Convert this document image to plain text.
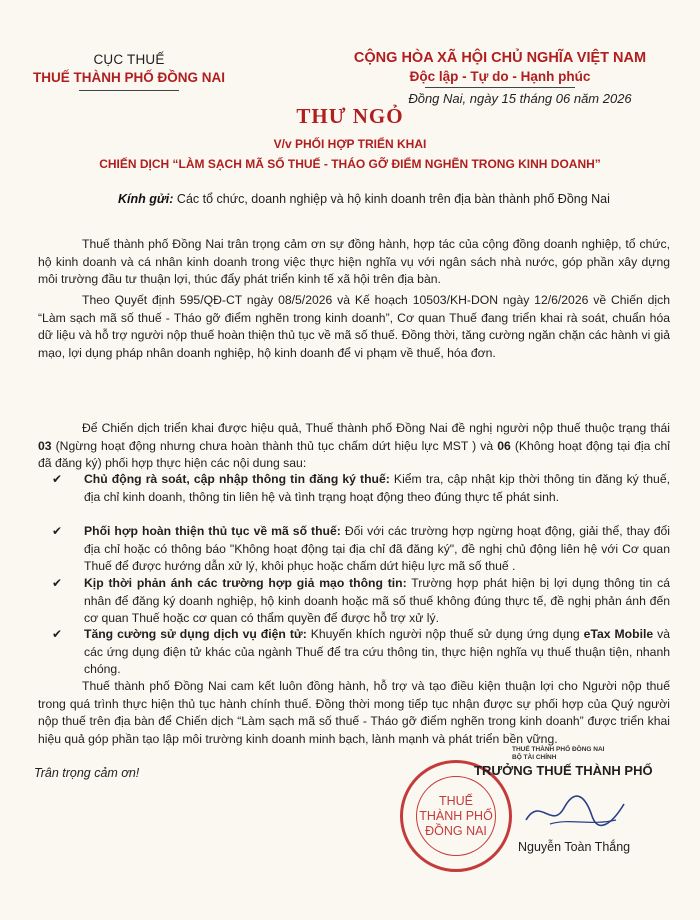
CỤC THUẾ
THUẾ THÀNH PHỐ ĐỒNG NAI
CỘNG HÒA XÃ HỘI CHỦ NGHĨA VIỆT NAM
Độc lập - Tự do - Hạnh phúc
Đồng Nai, ngày 15 tháng 06 năm 2026
THƯ NGỎ
V/v PHỐI HỢP TRIỂN KHAI
CHIẾN DỊCH “LÀM SẠCH MÃ SỐ THUẾ - THÁO GỠ ĐIỂM NGHẼN TRONG KINH DOANH”
Kính gửi: Các tổ chức, doanh nghiệp và hộ kinh doanh trên địa bàn thành phố Đồng Nai
Thuế thành phố Đồng Nai trân trọng cảm ơn sự đồng hành, hợp tác của cộng đồng doanh nghiệp, tổ chức, hộ kinh doanh và cá nhân kinh doanh trong việc thực hiện nghĩa vụ với ngân sách nhà nước, góp phần xây dựng môi trường đầu tư thuận lợi, thúc đẩy phát triển kinh tế xã hội trên địa bàn.
Theo Quyết định 595/QĐ-CT ngày 08/5/2026 và Kế hoạch 10503/KH-DON ngày 12/6/2026 về Chiến dịch “Làm sạch mã số thuế - Tháo gỡ điểm nghẽn trong kinh doanh”, Cơ quan Thuế đang triển khai rà soát, chuẩn hóa dữ liệu và hỗ trợ người nộp thuế hoàn thiện thủ tục về mã số thuế. Đồng thời, tăng cường ngăn chặn các hành vi giả mạo, lợi dụng pháp nhân doanh nghiệp, hộ kinh doanh để vi phạm về thuế, hóa đơn.
Để Chiến dịch triển khai được hiệu quả, Thuế thành phố Đồng Nai đề nghị người nộp thuế thuộc trạng thái 03 (Ngừng hoạt động nhưng chưa hoàn thành thủ tục chấm dứt hiệu lực MST ) và 06 (Không hoạt động tại địa chỉ đã đăng ký) phối hợp thực hiện các nội dung sau:
✔	Chủ động rà soát, cập nhập thông tin đăng ký thuế: Kiểm tra, cập nhật kịp thời thông tin đăng ký thuế, địa chỉ kinh doanh, thông tin liên hệ và tình trạng hoạt động theo đúng thực tế phát sinh.
✔	Phối hợp hoàn thiện thủ tục về mã số thuế: Đối với các trường hợp ngừng hoạt động, giải thể, thay đổi địa chỉ hoặc có thông báo "Không hoạt động tại địa chỉ đã đăng ký", đề nghị chủ động liên hệ với Cơ quan Thuế để được hướng dẫn xử lý, khôi phục hoặc chấm dứt hiệu lực mã số thuế .
✔	Kịp thời phản ánh các trường hợp giả mạo thông tin: Trường hợp phát hiện bị lợi dụng thông tin cá nhân để đăng ký doanh nghiệp, hộ kinh doanh hoặc mã số thuế không đúng thực tế, đề nghị phản ánh đến cơ quan Thuế hoặc cơ quan có thẩm quyền để được hỗ trợ xử lý.
✔	Tăng cường sử dụng dịch vụ điện tử: Khuyến khích người nộp thuế sử dụng ứng dụng eTax Mobile và các ứng dụng điện tử khác của ngành Thuế để tra cứu thông tin, thực hiện nghĩa vụ thuế thuận tiện, nhanh chóng.
Thuế thành phố Đồng Nai cam kết luôn đồng hành, hỗ trợ và tạo điều kiện thuận lợi cho Người nộp thuế trong quá trình thực hiện thủ tục hành chính thuế. Đồng thời mong tiếp tục nhận được sự phối hợp của Quý người nộp thuế trên địa bàn để Chiến dịch “Làm sạch mã số thuế - Tháo gỡ điểm nghẽn trong kinh doanh” được triển khai hiệu quả góp phần tạo lập môi trường kinh doanh minh bạch, lành mạnh và phát triển bền vững.
Trân trọng cảm ơn!
THUẾ
THÀNH PHỐ
ĐỒNG NAI
THUẾ THÀNH PHỐ ĐỒNG NAI
BỘ TÀI CHÍNH
TRƯỞNG THUẾ THÀNH PHỐ
Nguyễn Toàn Thắng
